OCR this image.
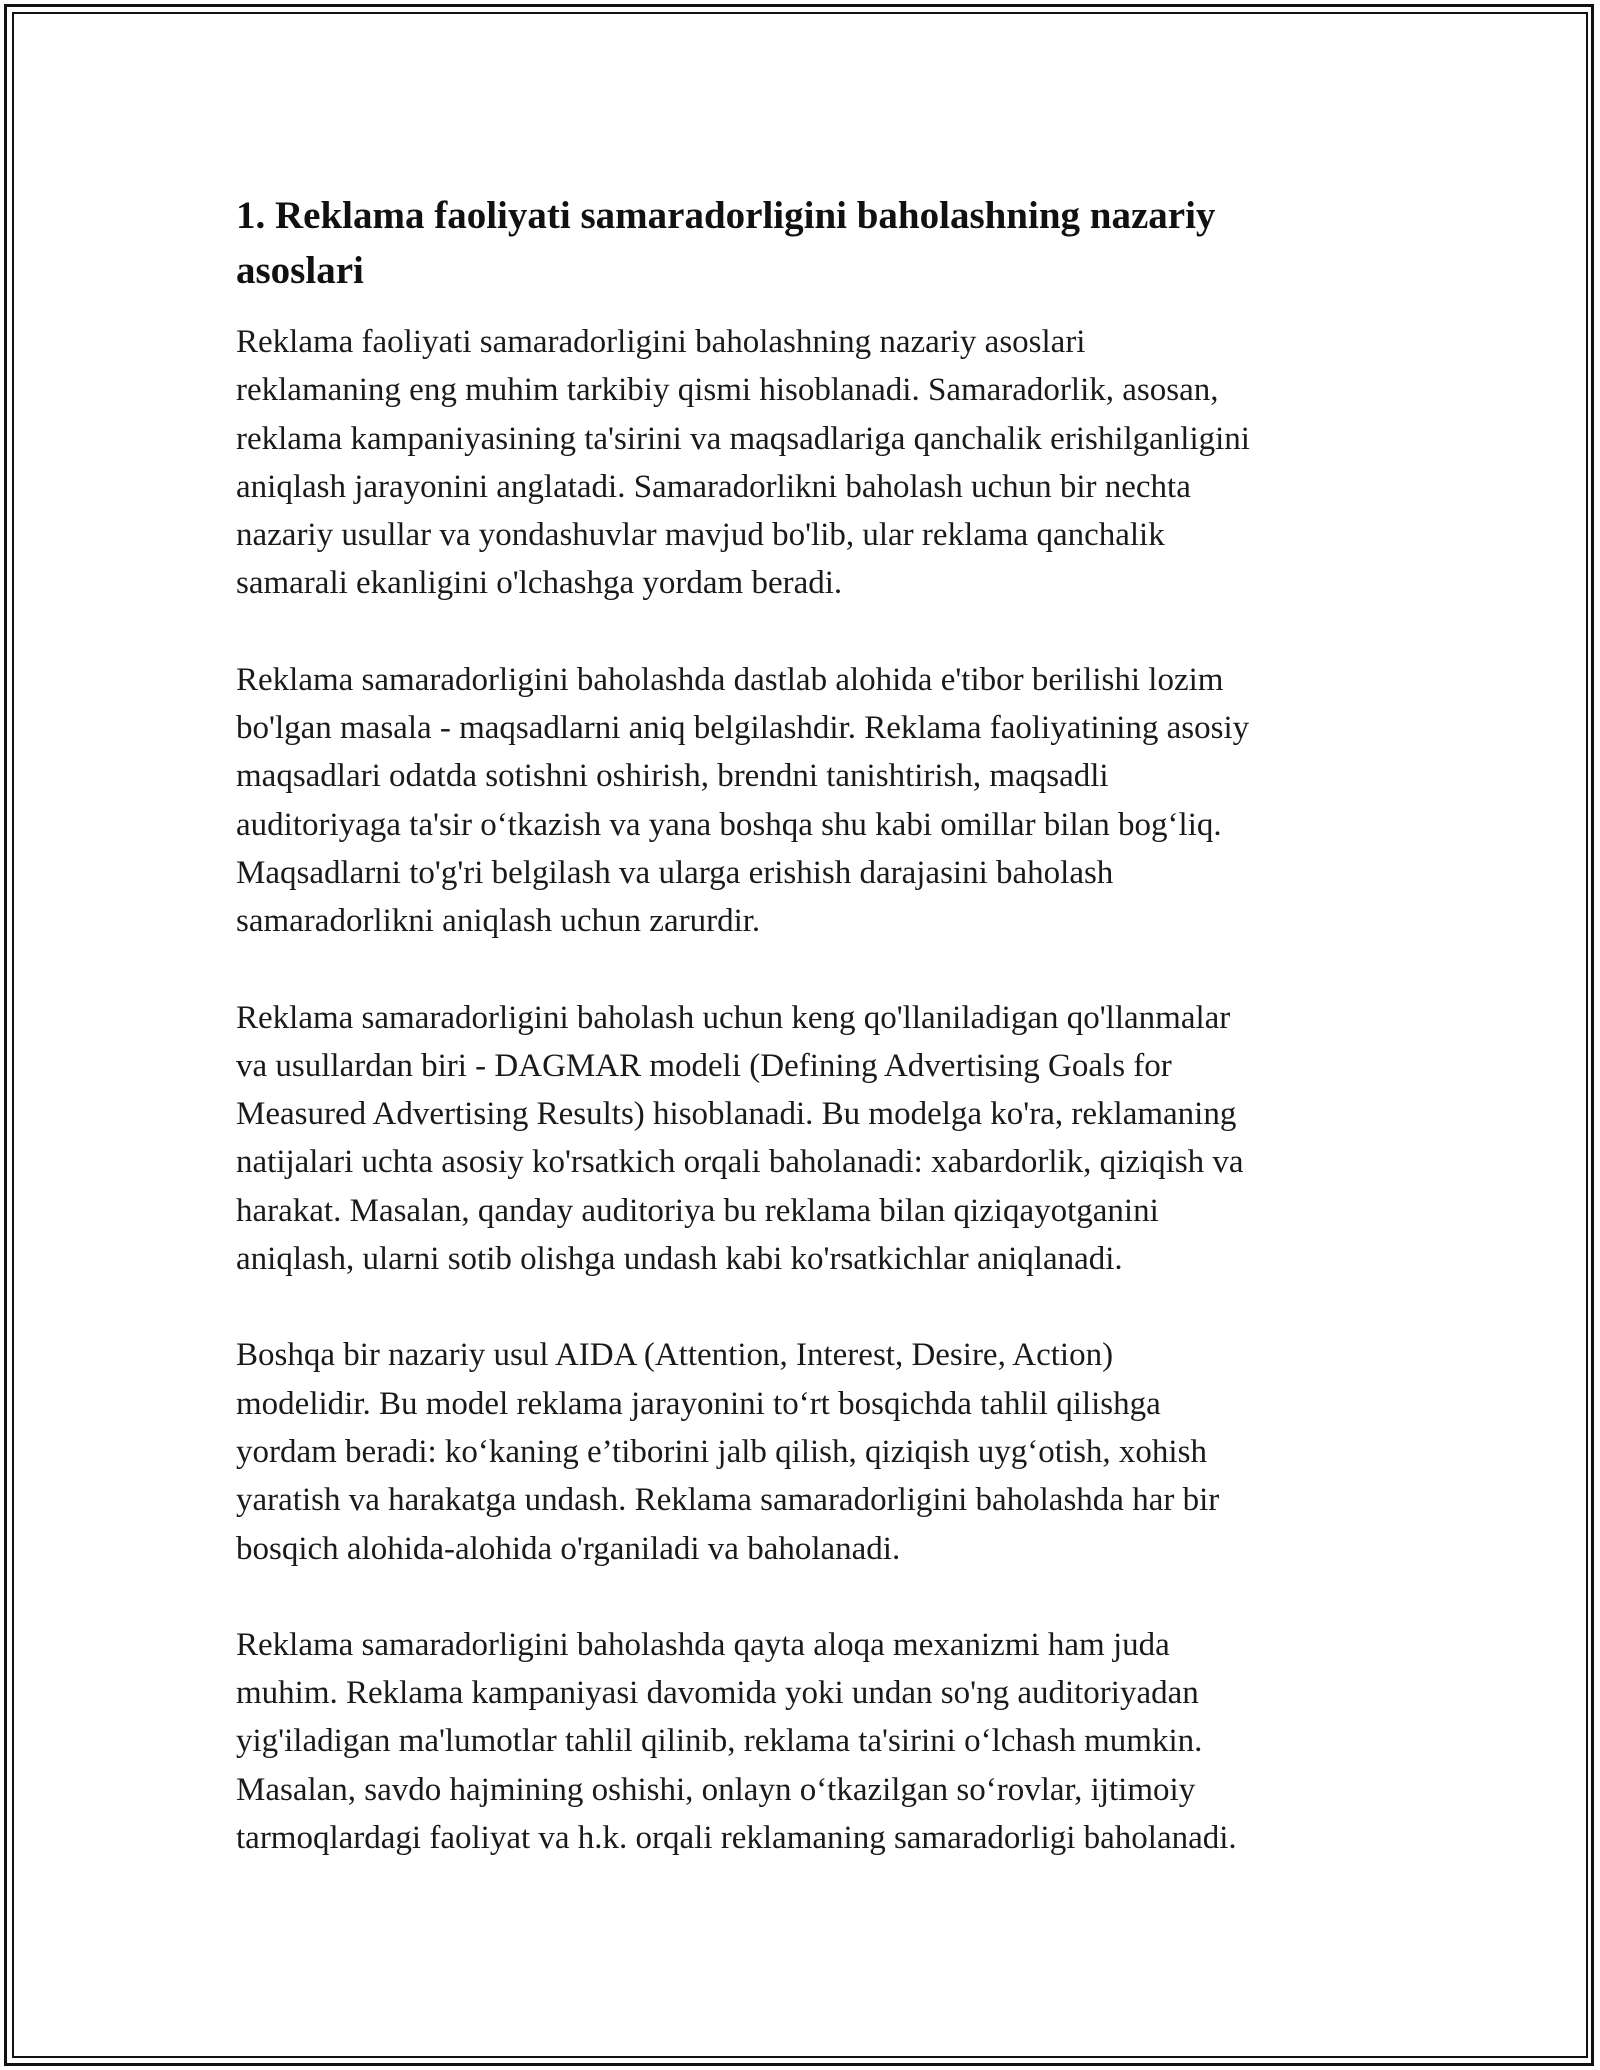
1. Reklama faoliyati samaradorligini baholashning nazariy
asoslari

Reklama faoliyati samaradorligini baholashning nazariy asoslari
reklamaning eng muhim tarkibiy qismi hisoblanadi. Samaradorlik, asosan,
reklama kampaniyasining ta'sirini va maqsadlariga qanchalik erishilganligini
aniqlash jarayonini anglatadi. Samaradorlikni baholash uchun bir nechta
nazariy usullar va yondashuvlar mavjud bo'lib, ular reklama qanchalik
samarali ekanligini o'lchashga yordam beradi.

Reklama samaradorligini baholashda dastlab alohida e'tibor berilishi lozim
bo'lgan masala - maqsadlarni aniq belgilashdir. Reklama faoliyatining asosiy
maqsadlari odatda sotishni oshirish, brendni tanishtirish, maqsadli
auditoriyaga ta'sir o‘tkazish va yana boshqa shu kabi omillar bilan bog‘liq.
Maqsadlarni to'g'ri belgilash va ularga erishish darajasini baholash
samaradorlikni aniqlash uchun zarurdir.

Reklama samaradorligini baholash uchun keng qo'llaniladigan qo'llanmalar
va usullardan biri - DAGMAR modeli (Defining Advertising Goals for
Measured Advertising Results) hisoblanadi. Bu modelga ko'ra, reklamaning
natijalari uchta asosiy ko'rsatkich orqali baholanadi: xabardorlik, qiziqish va
harakat. Masalan, qanday auditoriya bu reklama bilan qiziqayotganini
aniqlash, ularni sotib olishga undash kabi ko'rsatkichlar aniqlanadi.

Boshqa bir nazariy usul AIDA (Attention, Interest, Desire, Action)
modelidir. Bu model reklama jarayonini to‘rt bosqichda tahlil qilishga
yordam beradi: ko‘kaning e’tiborini jalb qilish, qiziqish uyg‘otish, xohish
yaratish va harakatga undash. Reklama samaradorligini baholashda har bir
bosqich alohida-alohida o'rganiladi va baholanadi.

Reklama samaradorligini baholashda qayta aloqa mexanizmi ham juda
muhim. Reklama kampaniyasi davomida yoki undan so'ng auditoriyadan
yig'iladigan ma'lumotlar tahlil qilinib, reklama ta'sirini o‘lchash mumkin.
Masalan, savdo hajmining oshishi, onlayn o‘tkazilgan so‘rovlar, ijtimoiy
tarmoqlardagi faoliyat va h.k. orqali reklamaning samaradorligi baholanadi.
